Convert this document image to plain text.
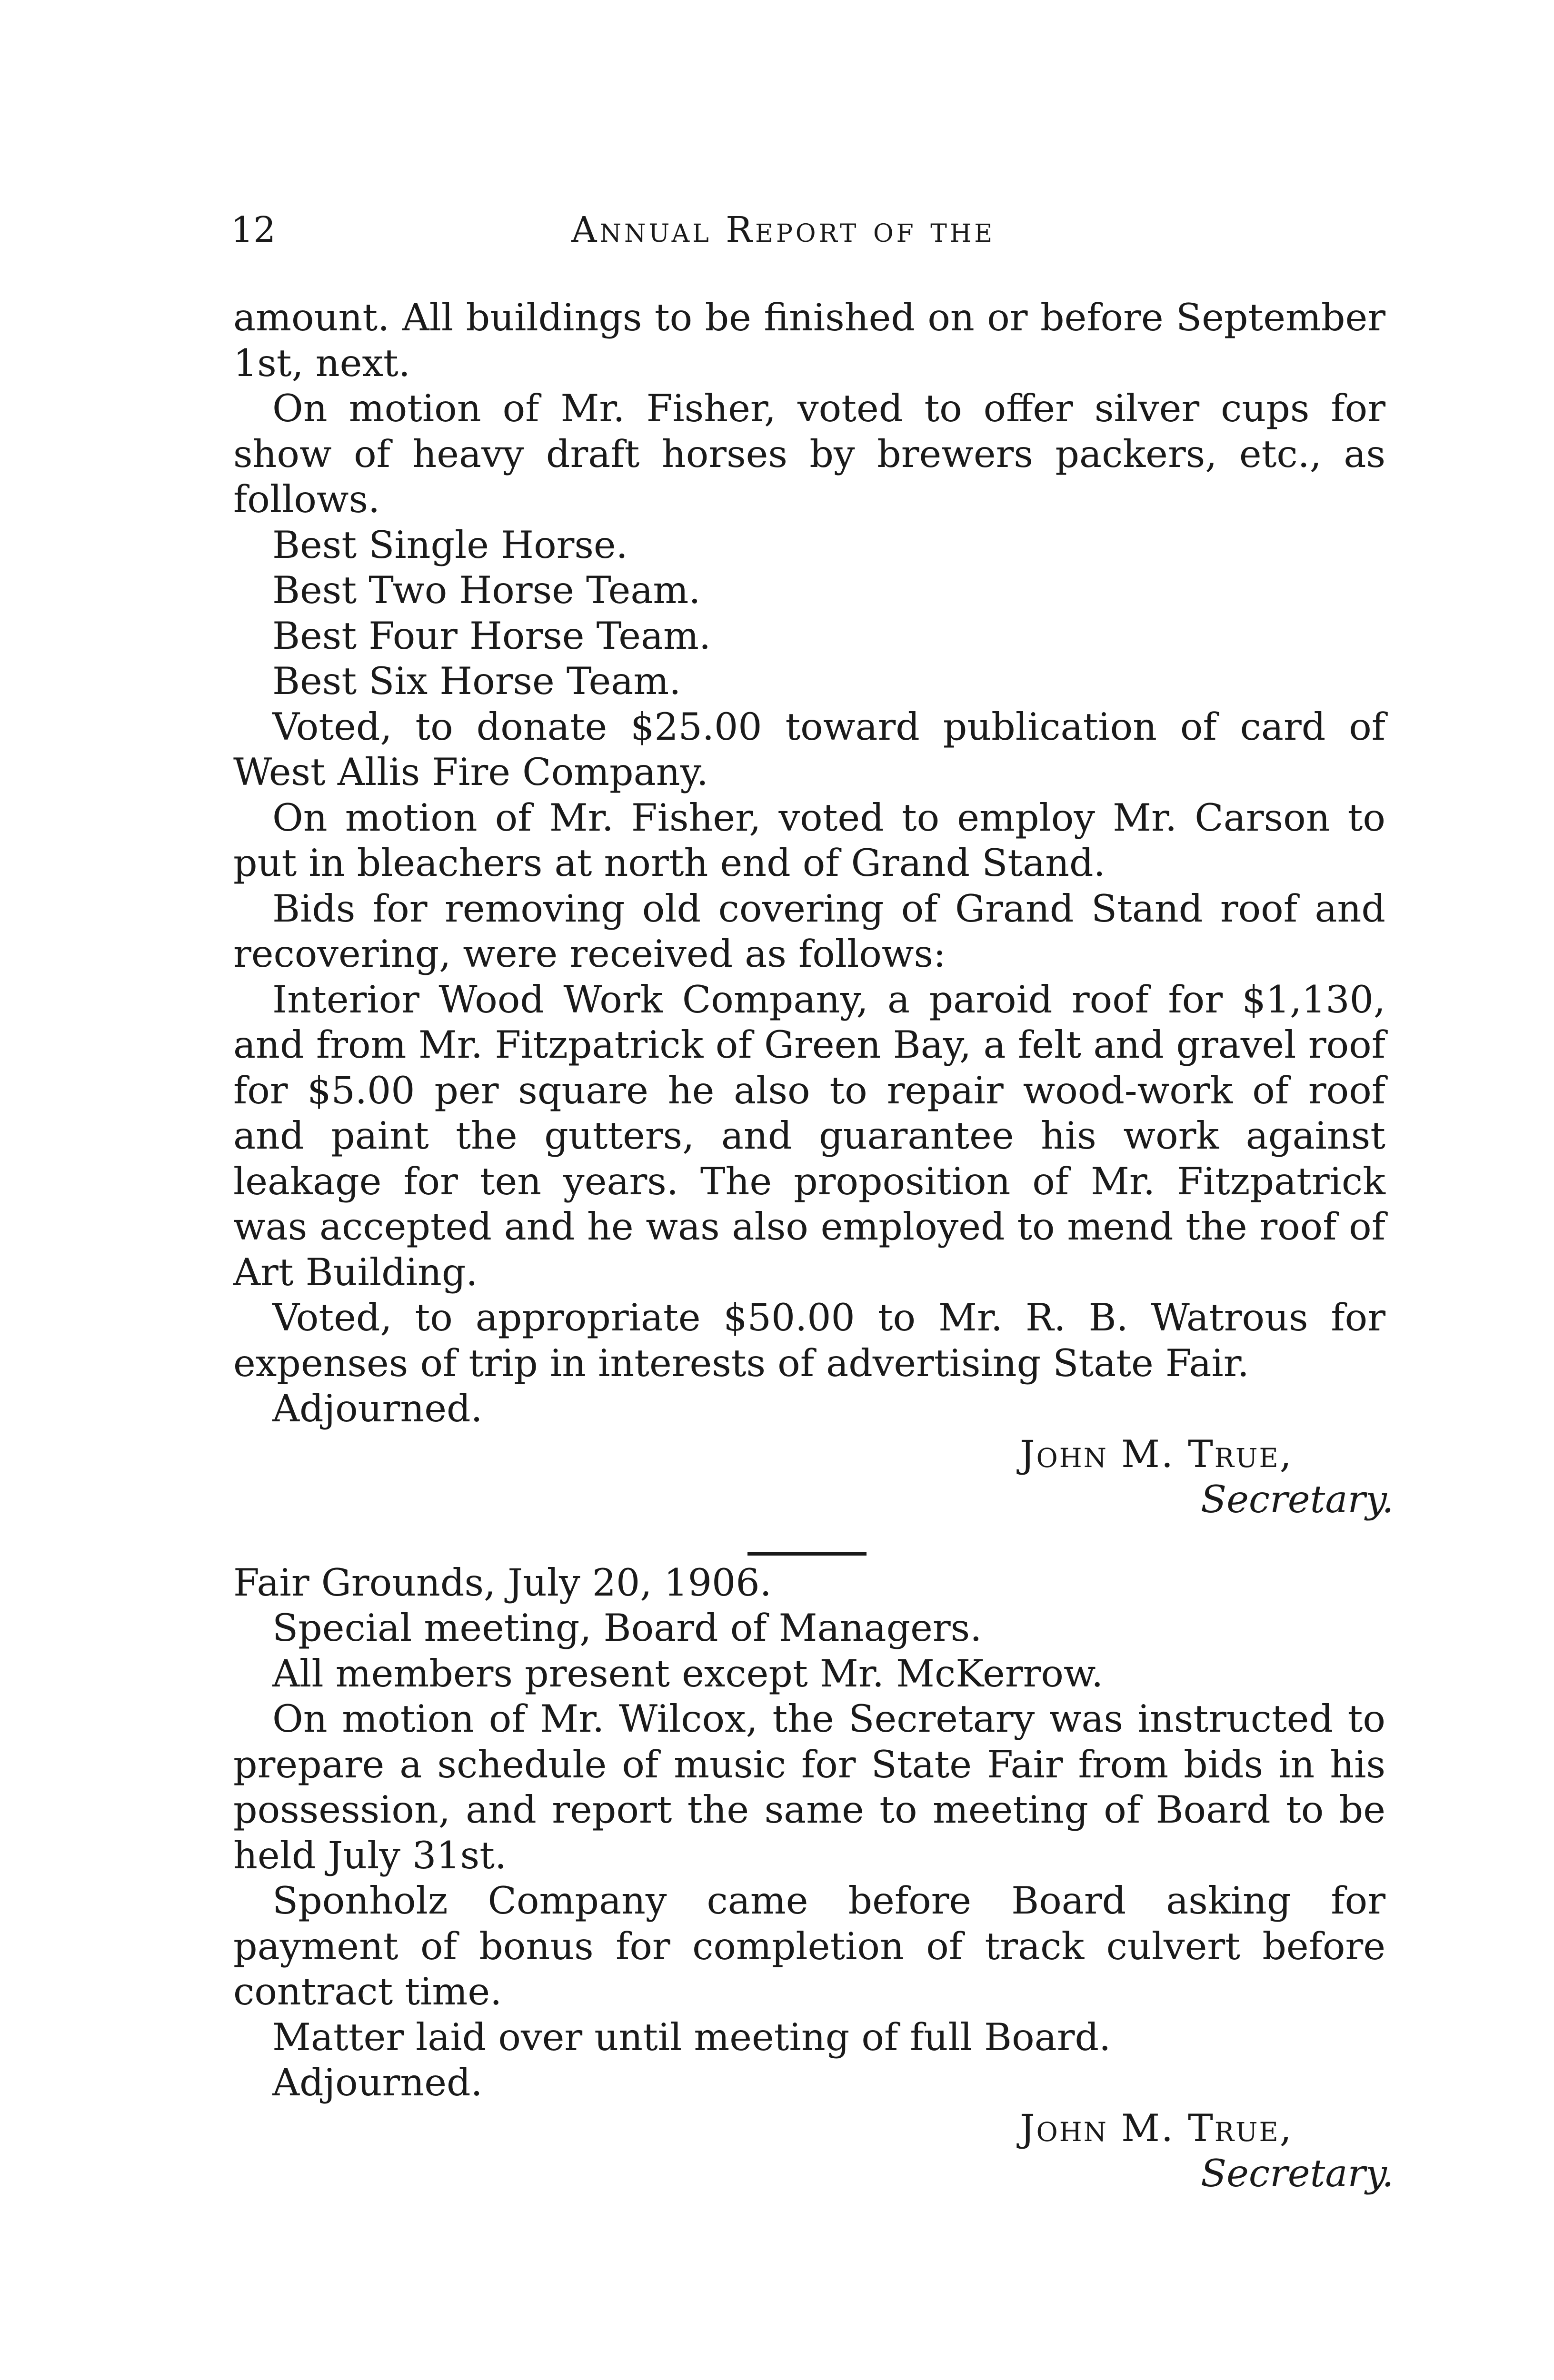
12	Annual Report of the

amount. All buildings to be finished on or before September 1st, next.

On motion of Mr. Fisher, voted to offer silver cups for show of heavy draft horses by brewers packers, etc., as follows.

Best Single Horse.

Best Two Horse Team.

Best Four Horse Team.

Best Six Horse Team.

Voted, to donate $25.00 toward publication of card of West Allis Fire Company.

On motion of Mr. Fisher, voted to employ Mr. Carson to put in bleachers at north end of Grand Stand.

Bids for removing old covering of Grand Stand roof and recovering, were received as follows:

Interior Wood Work Company, a paroid roof for $1,130, and from Mr. Fitzpatrick of Green Bay, a felt and gravel roof for $5.00 per square he also to repair wood-work of roof and paint the gutters, and guarantee his work against leakage for ten years. The proposition of Mr. Fitzpatrick was accepted and he was also employed to mend the roof of Art Building.

Voted, to appropriate $50.00 to Mr. R. B. Watrous for expenses of trip in interests of advertising State Fair.

Adjourned.

John M. True,

Secretary.

Fair Grounds, July 20, 1906.

Special meeting, Board of Managers.

All members present except Mr. McKerrow.

On motion of Mr. Wilcox, the Secretary was instructed to prepare a schedule of music for State Fair from bids in his possession, and report the same to meeting of Board to be held July 31st.

Sponholz Company came before Board asking for payment of bonus for completion of track culvert before contract time.

Matter laid over until meeting of full Board.

Adjourned.

John M. True,

Secretary.
